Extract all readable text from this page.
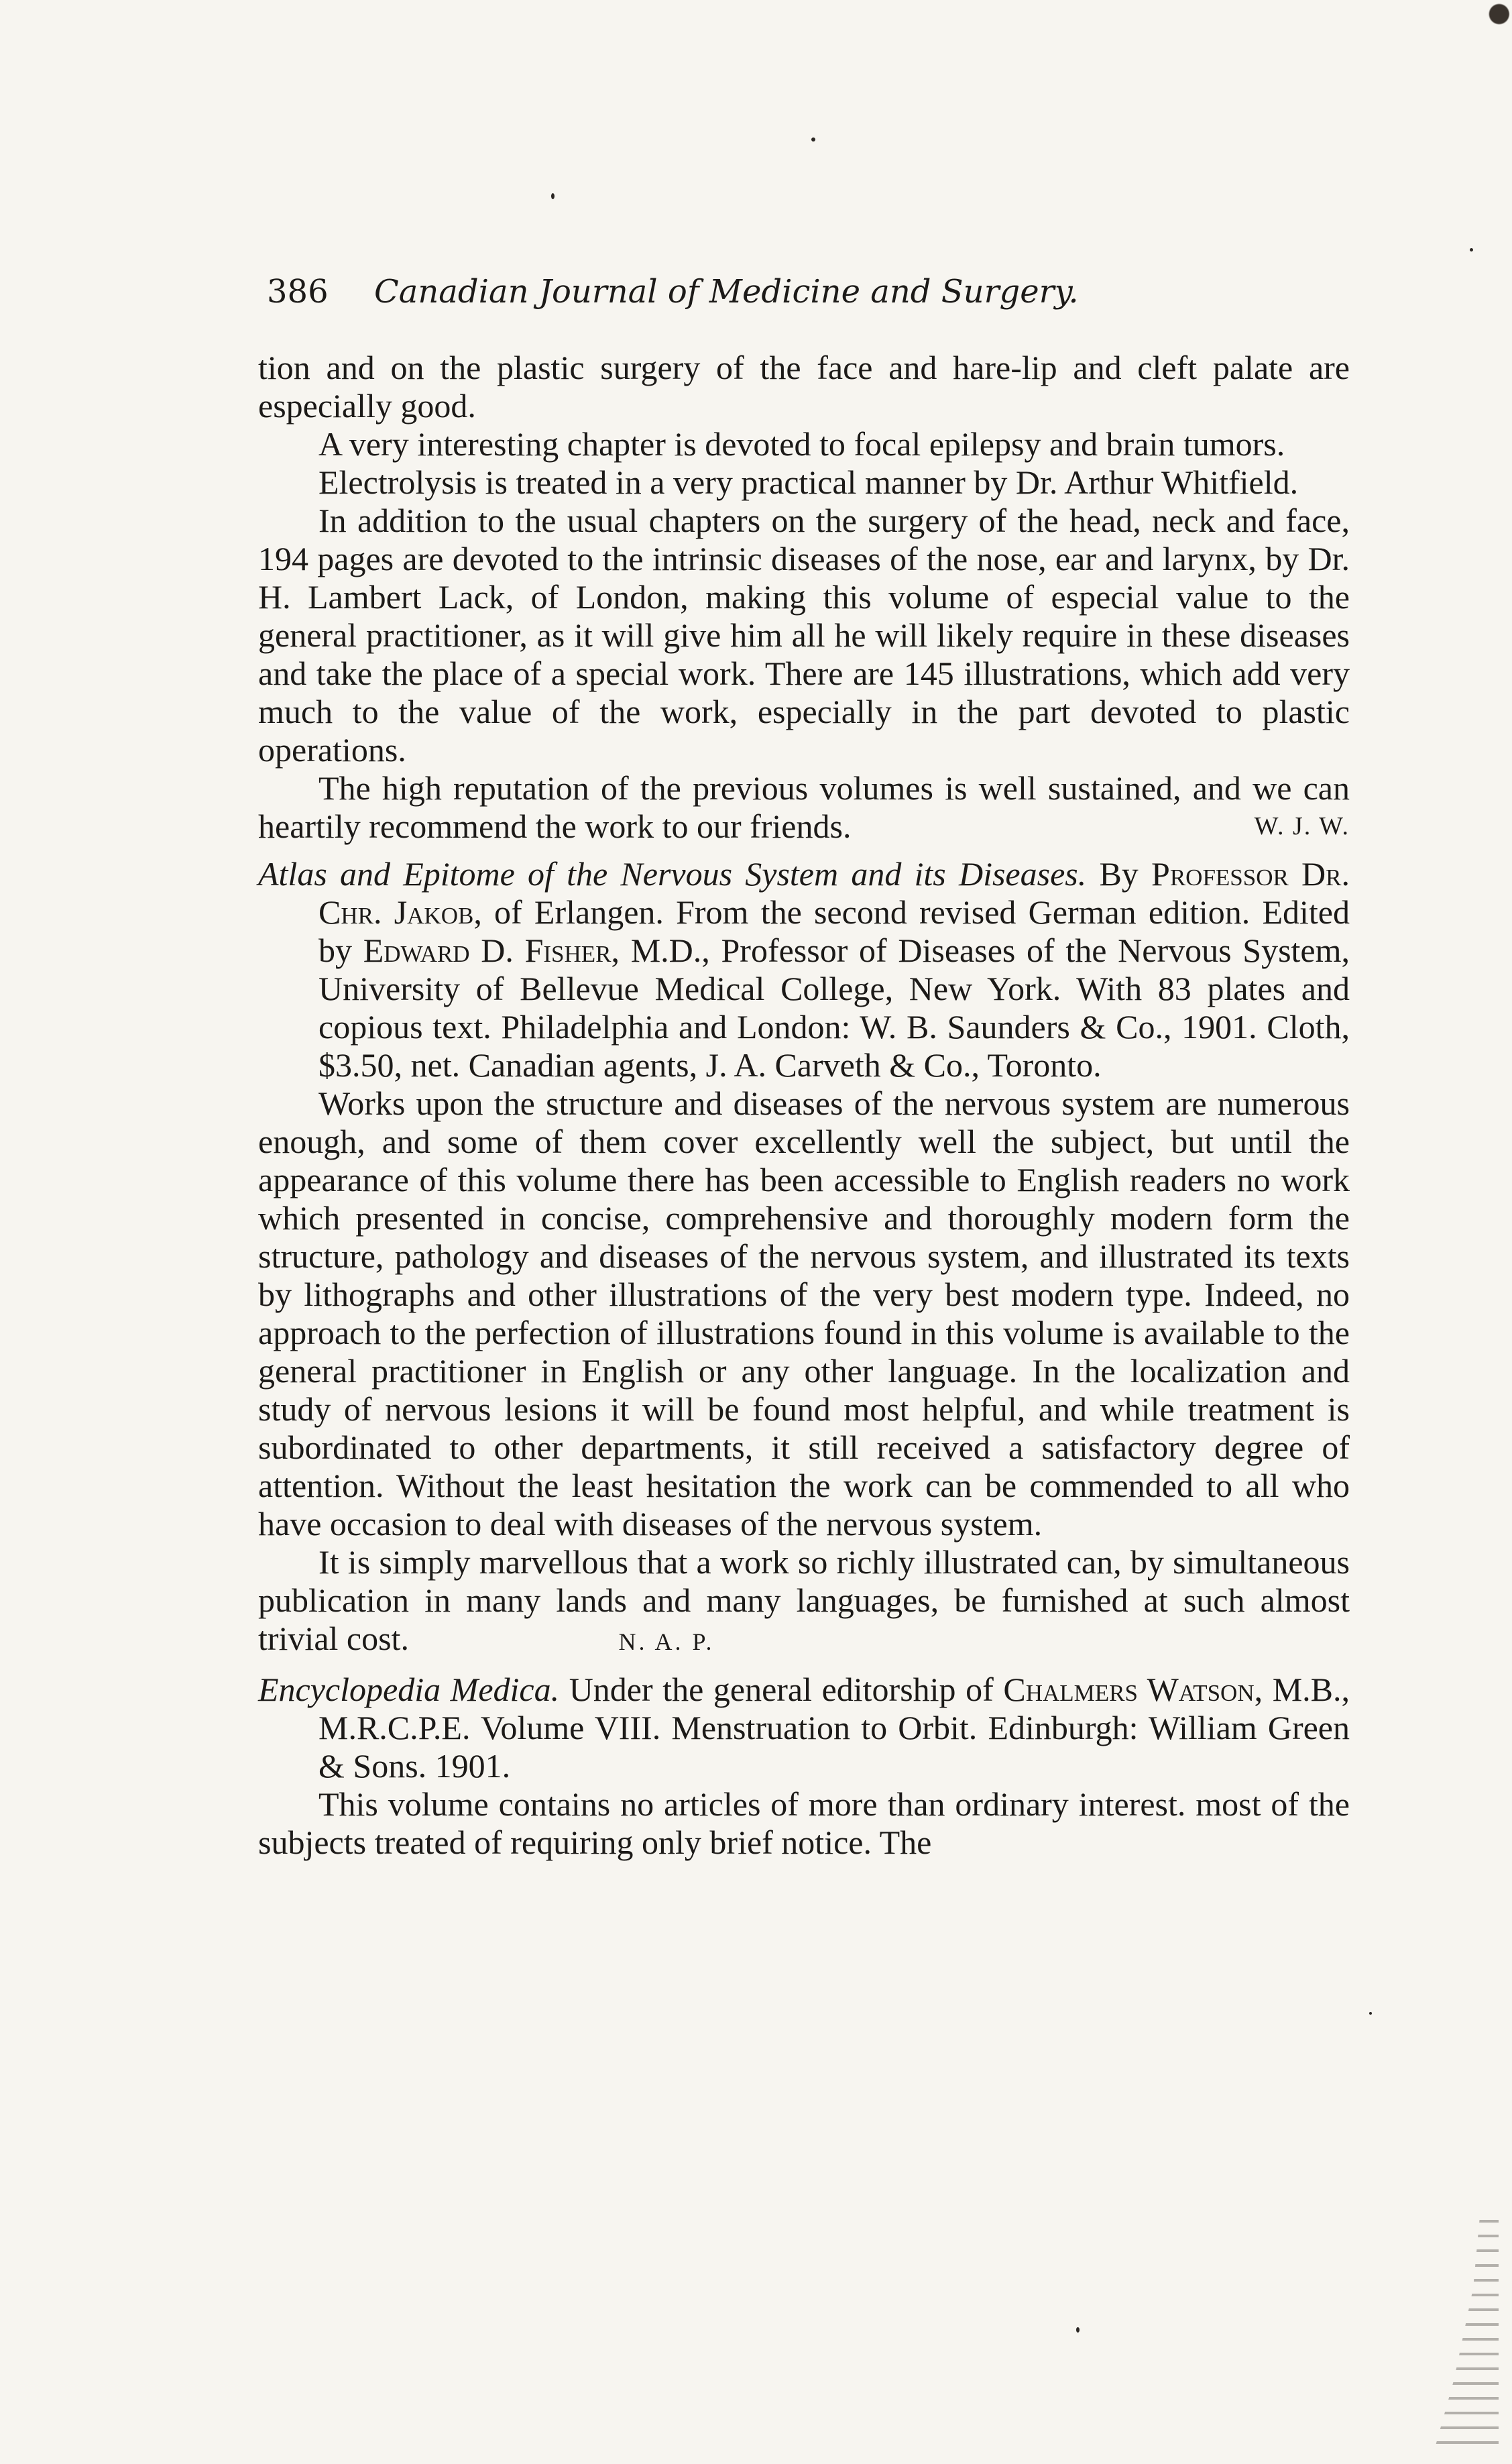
386 Canadian Journal of Medicine and Surgery.

tion and on the plastic surgery of the face and hare-lip and cleft palate are especially good.

A very interesting chapter is devoted to focal epilepsy and brain tumors.

Electrolysis is treated in a very practical manner by Dr. Arthur Whitfield.

In addition to the usual chapters on the surgery of the head, neck and face, 194 pages are devoted to the intrinsic diseases of the nose, ear and larynx, by Dr. H. Lambert Lack, of London, making this volume of especial value to the general practitioner, as it will give him all he will likely require in these diseases and take the place of a special work. There are 145 illustrations, which add very much to the value of the work, especially in the part devoted to plastic operations.

The high reputation of the previous volumes is well sustained, and we can heartily recommend the work to our friends.	W. J. W.

Atlas and Epitome of the Nervous System and its Diseases. By Professor Dr. Chr. Jakob, of Erlangen. From the second revised German edition. Edited by Edward D. Fisher, M.D., Professor of Diseases of the Nervous System, University of Bellevue Medical College, New York. With 83 plates and copious text. Philadelphia and London: W. B. Saunders & Co., 1901. Cloth, $3.50, net. Canadian agents, J. A. Carveth & Co., Toronto.

Works upon the structure and diseases of the nervous system are numerous enough, and some of them cover excellently well the subject, but until the appearance of this volume there has been accessible to English readers no work which presented in concise, comprehensive and thoroughly modern form the structure, pathology and diseases of the nervous system, and illustrated its texts by lithographs and other illustrations of the very best modern type. Indeed, no approach to the perfection of illustrations found in this volume is available to the general practitioner in English or any other language. In the localization and study of nervous lesions it will be found most helpful, and while treatment is subordinated to other departments, it still received a satisfactory degree of attention. Without the least hesitation the work can be commended to all who have occasion to deal with diseases of the nervous system.

It is simply marvellous that a work so richly illustrated can, by simultaneous publication in many lands and many languages, be furnished at such almost trivial cost.	N. A. P.

Encyclopedia Medica. Under the general editorship of Chalmers Watson, M.B., M.R.C.P.E. Volume VIII. Menstruation to Orbit. Edinburgh: William Green & Sons. 1901.

This volume contains no articles of more than ordinary interest. most of the subjects treated of requiring only brief notice. The
